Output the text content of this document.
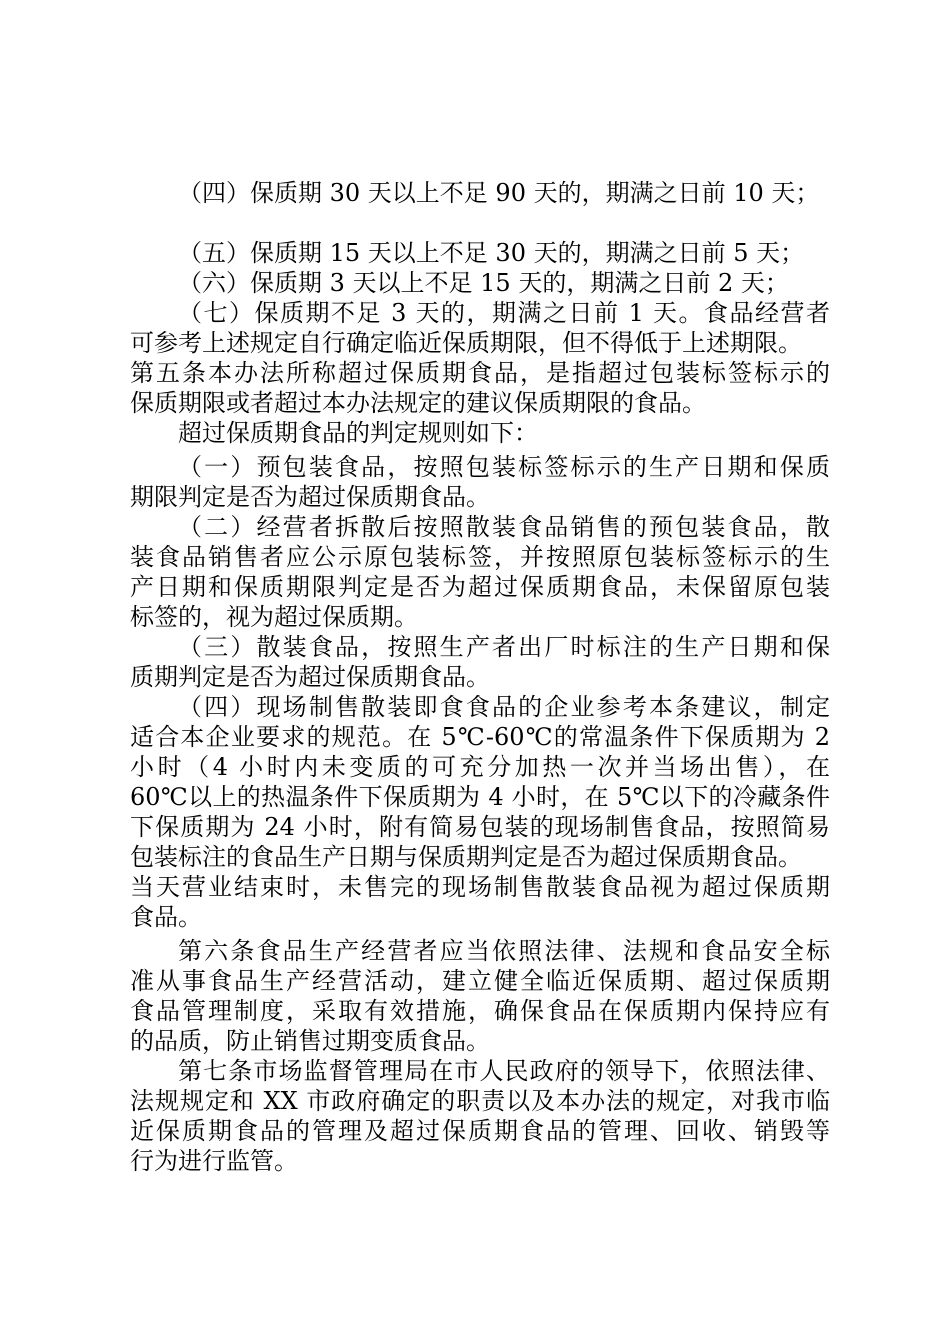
（四）保质期 30 天以上不足 90 天的，期满之日前 10 天；
（五）保质期 15 天以上不足 30 天的，期满之日前 5 天；
（六）保质期 3 天以上不足 15 天的，期满之日前 2 天；
（七）保质期不足 3 天的，期满之日前 1 天。食品经营者
可参考上述规定自行确定临近保质期限，但不得低于上述期限。
第五条本办法所称超过保质期食品，是指超过包装标签标示的
保质期限或者超过本办法规定的建议保质期限的食品。
超过保质期食品的判定规则如下：
（一）预包装食品，按照包装标签标示的生产日期和保质
期限判定是否为超过保质期食品。
（二）经营者拆散后按照散装食品销售的预包装食品，散
装食品销售者应公示原包装标签，并按照原包装标签标示的生
产日期和保质期限判定是否为超过保质期食品，未保留原包装
标签的，视为超过保质期。
（三）散装食品，按照生产者出厂时标注的生产日期和保
质期判定是否为超过保质期食品。
（四）现场制售散装即食食品的企业参考本条建议，制定
适合本企业要求的规范。在 5℃-60℃的常温条件下保质期为 2
小时（4 小时内未变质的可充分加热一次并当场出售），在
60℃以上的热温条件下保质期为 4 小时，在 5℃以下的冷藏条件
下保质期为 24 小时，附有简易包装的现场制售食品，按照简易
包装标注的食品生产日期与保质期判定是否为超过保质期食品。
当天营业结束时，未售完的现场制售散装食品视为超过保质期
食品。
第六条食品生产经营者应当依照法律、法规和食品安全标
准从事食品生产经营活动，建立健全临近保质期、超过保质期
食品管理制度，采取有效措施，确保食品在保质期内保持应有
的品质，防止销售过期变质食品。
第七条市场监督管理局在市人民政府的领导下，依照法律、
法规规定和 XX 市政府确定的职责以及本办法的规定，对我市临
近保质期食品的管理及超过保质期食品的管理、回收、销毁等
行为进行监管。
